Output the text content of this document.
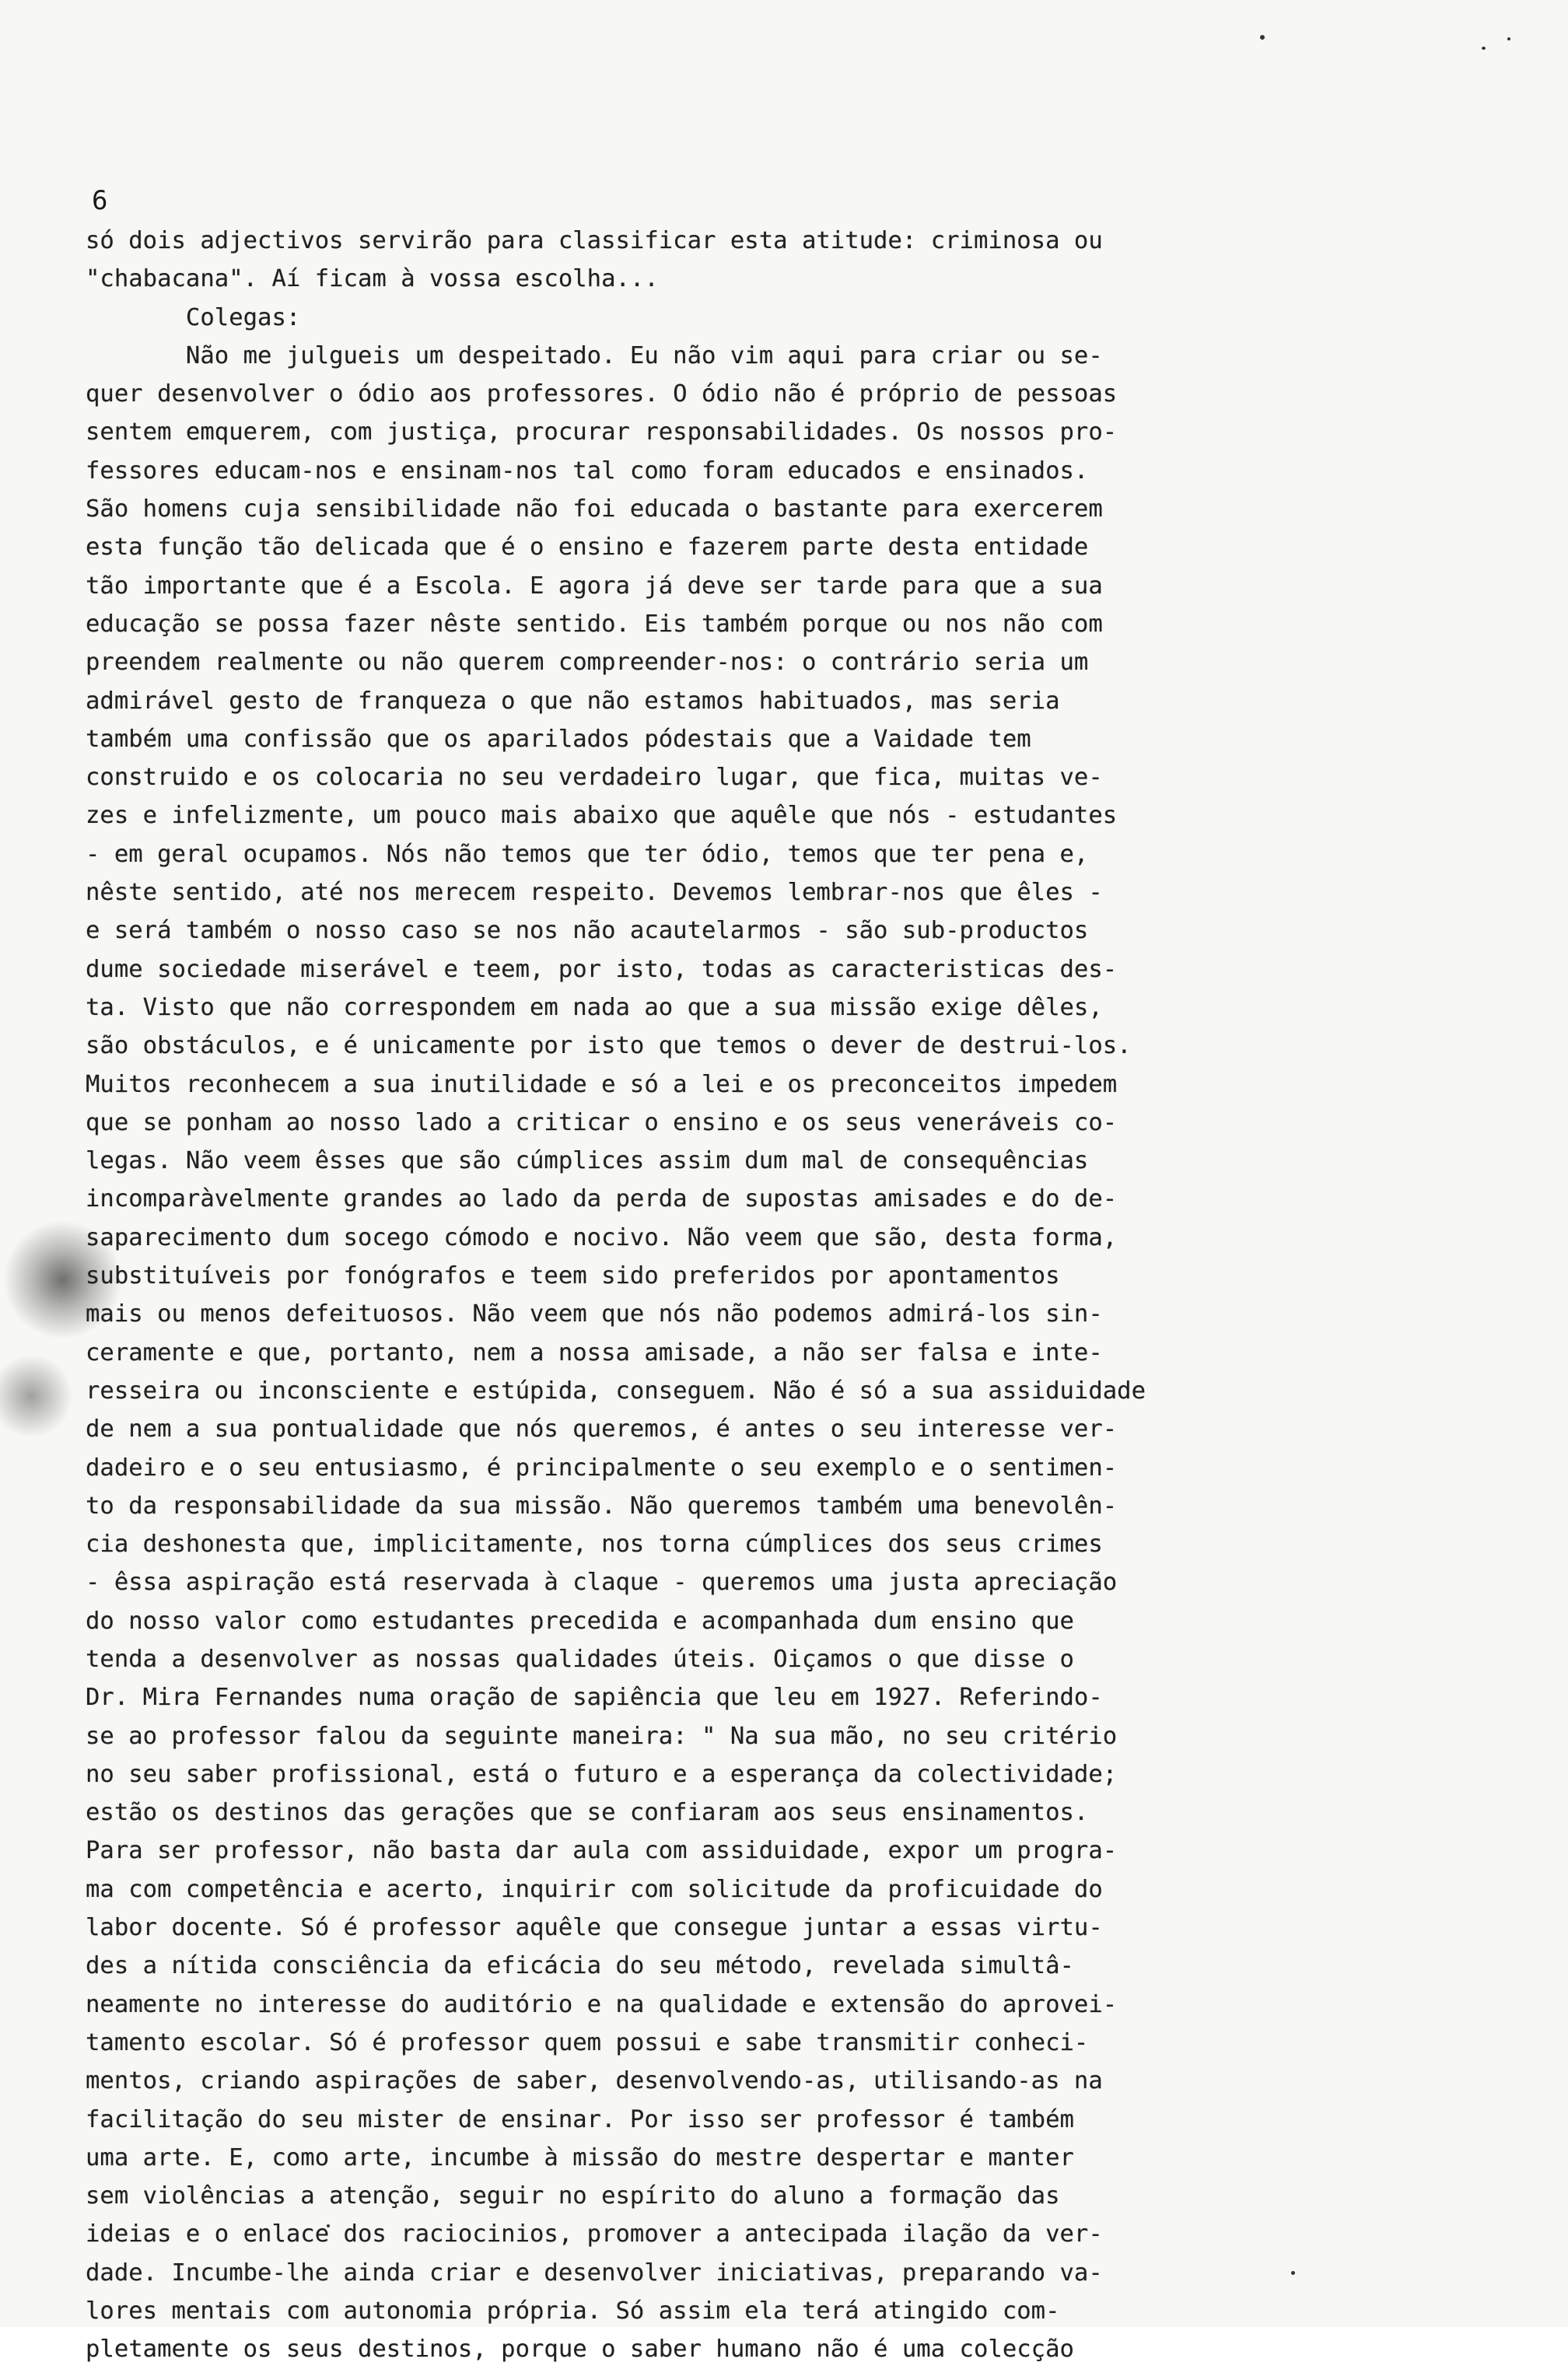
6
só dois adjectivos servirão para classificar esta atitude: criminosa ou
"chabacana". Aí ficam à vossa escolha...
Colegas:
Não me julgueis um despeitado. Eu não vim aqui para criar ou se-
quer desenvolver o ódio aos professores. O ódio não é próprio de pessoas
sentem emquerem, com justiça, procurar responsabilidades. Os nossos pro-
fessores educam-nos e ensinam-nos tal como foram educados e ensinados.
São homens cuja sensibilidade não foi educada o bastante para exercerem
esta função tão delicada que é o ensino e fazerem parte desta entidade
tão importante que é a Escola. E agora já deve ser tarde para que a sua
educação se possa fazer nêste sentido. Eis também porque ou nos não com
preendem realmente ou não querem compreender-nos: o contrário seria um
admirável gesto de franqueza o que não estamos habituados, mas seria
também uma confissão que os aparilados pódestais que a Vaidade tem
construido e os colocaria no seu verdadeiro lugar, que fica, muitas ve-
zes e infelizmente, um pouco mais abaixo que aquêle que nós - estudantes
- em geral ocupamos. Nós não temos que ter ódio, temos que ter pena e,
nêste sentido, até nos merecem respeito. Devemos lembrar-nos que êles -
e será também o nosso caso se nos não acautelarmos - são sub-productos
dume sociedade miserável e teem, por isto, todas as caracteristicas des-
ta. Visto que não correspondem em nada ao que a sua missão exige dêles,
são obstáculos, e é unicamente por isto que temos o dever de destrui-los.
Muitos reconhecem a sua inutilidade e só a lei e os preconceitos impedem
que se ponham ao nosso lado a criticar o ensino e os seus veneráveis co-
legas. Não veem êsses que são cúmplices assim dum mal de consequências
incomparàvelmente grandes ao lado da perda de supostas amisades e do de-
saparecimento dum socego cómodo e nocivo. Não veem que são, desta forma,
substituíveis por fonógrafos e teem sido preferidos por apontamentos
mais ou menos defeituosos. Não veem que nós não podemos admirá-los sin-
ceramente e que, portanto, nem a nossa amisade, a não ser falsa e inte-
resseira ou inconsciente e estúpida, conseguem. Não é só a sua assiduidade
de nem a sua pontualidade que nós queremos, é antes o seu interesse ver-
dadeiro e o seu entusiasmo, é principalmente o seu exemplo e o sentimen-
to da responsabilidade da sua missão. Não queremos também uma benevolên-
cia deshonesta que, implicitamente, nos torna cúmplices dos seus crimes
- êssa aspiração está reservada à claque - queremos uma justa apreciação
do nosso valor como estudantes precedida e acompanhada dum ensino que
tenda a desenvolver as nossas qualidades úteis. Oiçamos o que disse o
Dr. Mira Fernandes numa oração de sapiência que leu em 1927. Referindo-
se ao professor falou da seguinte maneira: " Na sua mão, no seu critério
no seu saber profissional, está o futuro e a esperança da colectividade;
estão os destinos das gerações que se confiaram aos seus ensinamentos.
Para ser professor, não basta dar aula com assiduidade, expor um progra-
ma com competência e acerto, inquirir com solicitude da proficuidade do
labor docente. Só é professor aquêle que consegue juntar a essas virtu-
des a nítida consciência da eficácia do seu método, revelada simultâ-
neamente no interesse do auditório e na qualidade e extensão do aprovei-
tamento escolar. Só é professor quem possui e sabe transmitir conheci-
mentos, criando aspirações de saber, desenvolvendo-as, utilisando-as na
facilitação do seu mister de ensinar. Por isso ser professor é também
uma arte. E, como arte, incumbe à missão do mestre despertar e manter
sem violências a atenção, seguir no espírito do aluno a formação das
ideias e o enlace dos raciocinios, promover a antecipada ilação da ver-
dade. Incumbe-lhe ainda criar e desenvolver iniciativas, preparando va-
lores mentais com autonomia própria. Só assim ela terá atingido com-
pletamente os seus destinos, porque o saber humano não é uma colecção
